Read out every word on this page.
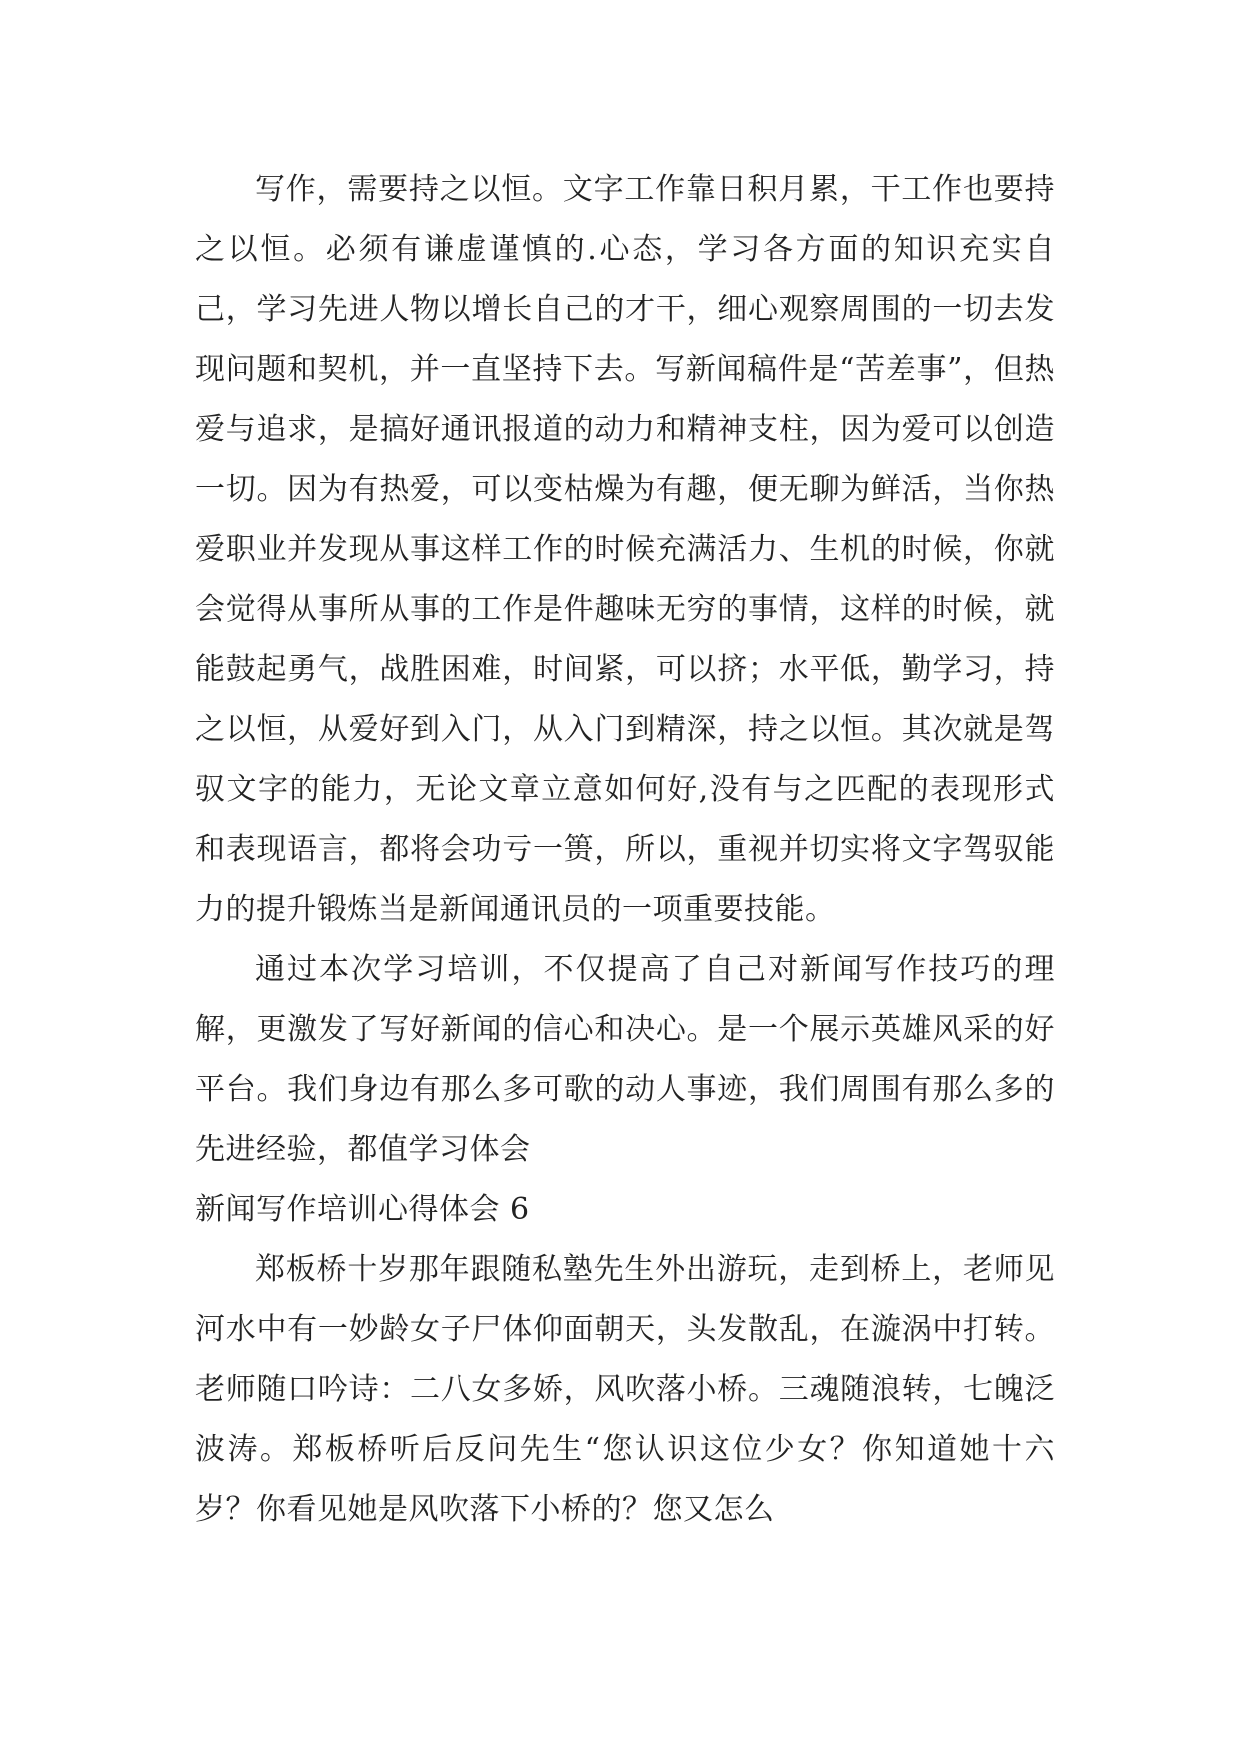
写作，需要持之以恒。文字工作靠日积月累，干工作也要持之以恒。必须有谦虚谨慎的.心态，学习各方面的知识充实自己，学习先进人物以增长自己的才干，细心观察周围的一切去发现问题和契机，并一直坚持下去。写新闻稿件是“苦差事”，但热爱与追求，是搞好通讯报道的动力和精神支柱，因为爱可以创造一切。因为有热爱，可以变枯燥为有趣，便无聊为鲜活，当你热爱职业并发现从事这样工作的时候充满活力、生机的时候，你就会觉得从事所从事的工作是件趣味无穷的事情，这样的时候，就能鼓起勇气，战胜困难，时间紧，可以挤；水平低，勤学习，持之以恒，从爱好到入门，从入门到精深，持之以恒。其次就是驾驭文字的能力，无论文章立意如何好,没有与之匹配的表现形式和表现语言，都将会功亏一篑，所以，重视并切实将文字驾驭能力的提升锻炼当是新闻通讯员的一项重要技能。

通过本次学习培训，不仅提高了自己对新闻写作技巧的理解，更激发了写好新闻的信心和决心。是一个展示英雄风采的好平台。我们身边有那么多可歌的动人事迹，我们周围有那么多的先进经验，都值学习体会

新闻写作培训心得体会 6

郑板桥十岁那年跟随私塾先生外出游玩，走到桥上，老师见河水中有一妙龄女子尸体仰面朝天，头发散乱，在漩涡中打转。老师随口吟诗：二八女多娇，风吹落小桥。三魂随浪转，七魄泛波涛。郑板桥听后反问先生“您认识这位少女？你知道她十六岁？你看见她是风吹落下小桥的？您又怎么
